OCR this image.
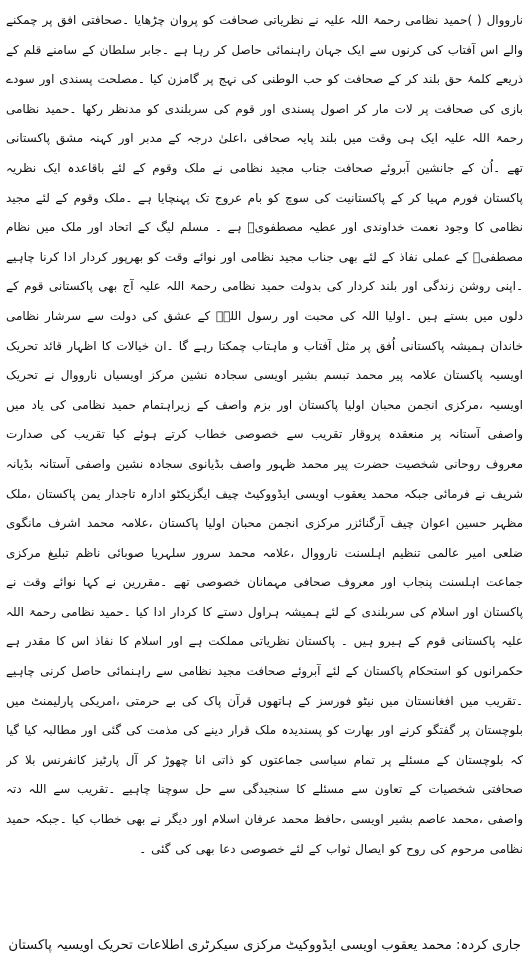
نارووال ( )حمید نظامی رحمۃ اللہ علیہ نے نظریاتی صحافت کو پروان چڑھایا ۔صحافتی افق پر چمکنے والے اس آفتاب کی کرنوں سے ایک جہان راہنمائی حاصل کر رہا ہے ۔جابر سلطان کے سامنے قلم کے ذریعے کلمۂ حق بلند کر کے صحافت کو حب الوطنی کی نہج پر گامزن کیا ۔مصلحت پسندی اور سودے بازی کی صحافت پر لات مار کر اصول پسندی اور قوم کی سربلندی کو مدنظر رکھا ۔حمید نظامی رحمۃ اللہ علیہ ایک ہی وقت میں بلند پایہ صحافی ،اعلیٰ درجہ کے مدبر اور کہنہ مشق پاکستانی تھے ۔اُن کے جانشین آبروئے صحافت جناب مجید نظامی نے ملک وقوم کے لئے باقاعدہ ایک نظریہ پاکستان فورم مہیا کر کے پاکستانیت کی سوچ کو بام عروج تک پہنچایا ہے ۔ملک وقوم کے لئے مجید نظامی کا وجود نعمت خداوندی اور عطیہ مصطفویؐ ہے ۔ مسلم لیگ کے اتحاد اور ملک میں نظام مصطفیؐ کے عملی نفاذ کے لئے بھی جناب مجید نظامی اور نوائے وقت کو بھرپور کردار ادا کرنا چاہیے ۔اپنی روشن زندگی اور بلند کردار کی بدولت حمید نظامی رحمۃ اللہ علیہ آج بھی پاکستانی قوم کے دلوں میں بستے ہیں ۔اولیا اللہ کی محبت اور رسول اللہؐ کے عشق کی دولت سے سرشار نظامی خاندان ہمیشہ پاکستانی اُفق پر مثل آفتاب و ماہتاب چمکتا رہے گا ۔ان خیالات کا اظہار قائد تحریک اویسیہ پاکستان علامہ پیر محمد تبسم بشیر اویسی سجادہ نشین مرکز اویسیاں نارووال نے تحریک اویسیہ ،مرکزی انجمن محبان اولیا پاکستان اور بزم واصف کے زیراہتمام حمید نظامی کی یاد میں واصفی آستانہ پر منعقدہ پروقار تقریب سے خصوصی خطاب کرتے ہوئے کیا تقریب کی صدارت معروف روحانی شخصیت حضرت پیر محمد ظہور واصف بڈیانوی سجادہ نشین واصفی آستانہ بڈیانہ شریف نے فرمائی جبکہ محمد یعقوب اویسی ایڈووکیٹ چیف ایگزیکٹو ادارہ تاجدار یمن پاکستان ،ملک مظہر حسین اعوان چیف آرگنائزر مرکزی انجمن محبان اولیا پاکستان ،علامہ محمد اشرف مانگوی ضلعی امیر عالمی تنظیم اہلسنت نارووال ،علامہ محمد سرور سلہریا صوبائی ناظم تبلیغ مرکزی جماعت اہلسنت پنجاب اور معروف صحافی مہمانان خصوصی تھے ۔مقررین نے کہا نوائے وقت نے پاکستان اور اسلام کی سربلندی کے لئے ہمیشہ ہراول دستے کا کردار ادا کیا ۔حمید نظامی رحمۃ اللہ علیہ پاکستانی قوم کے ہیرو ہیں ۔ پاکستان نظریاتی مملکت ہے اور اسلام کا نفاذ اس کا مقدر ہے حکمرانوں کو استحکام پاکستان کے لئے آبروئے صحافت مجید نظامی سے راہنمائی حاصل کرنی چاہیے ۔تقریب میں افغانستان میں نیٹو فورسز کے ہاتھوں قرآن پاک کی بے حرمتی ،امریکی پارلیمنٹ میں بلوچستان پر گفتگو کرنے اور بھارت کو پسندیدہ ملک قرار دینے کی مذمت کی گئی اور مطالبہ کیا گیا کہ بلوچستان کے مسئلے پر تمام سیاسی جماعتوں کو ذاتی انا چھوڑ کر آل پارٹیز کانفرنس بلا کر صحافتی شخصیات کے تعاون سے مسئلے کا سنجیدگی سے حل سوچنا چاہیے ۔تقریب سے اللہ دتہ واصفی ،محمد عاصم بشیر اویسی ،حافظ محمد عرفان اسلام اور دیگر نے بھی خطاب کیا ۔جبکہ حمید نظامی مرحوم کی روح کو ایصال ثواب کے لئے خصوصی دعا بھی کی گئی ۔
جاری کردہ: محمد یعقوب اویسی ایڈووکیٹ مرکزی سیکرٹری اطلاعات تحریک اویسیہ پاکستان
